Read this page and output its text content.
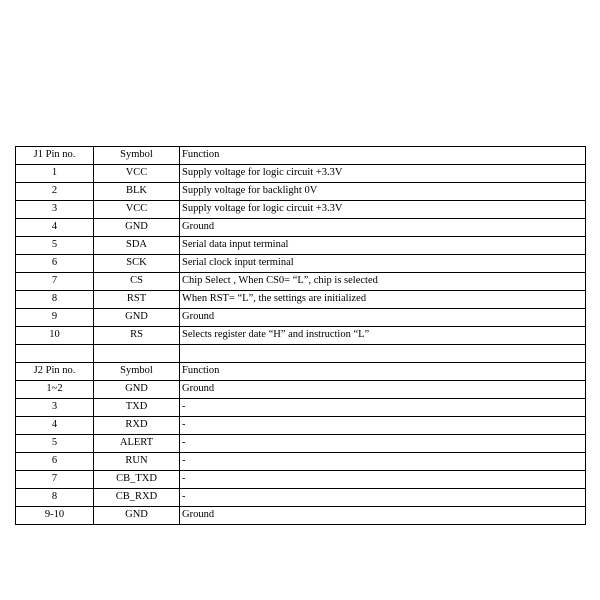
J1 Pin no.	Symbol	Function
1	VCC	Supply voltage for logic circuit +3.3V
2	BLK	Supply voltage for backlight 0V
3	VCC	Supply voltage for logic circuit +3.3V
4	GND	Ground
5	SDA	Serial data input terminal
6	SCK	Serial clock input terminal
7	CS	Chip Select , When CS0= “L”, chip is selected
8	RST	When RST= “L”, the settings are initialized
9	GND	Ground
10	RS	Selects register date “H” and instruction “L”

J2 Pin no.	Symbol	Function
1~2	GND	Ground
3	TXD	-
4	RXD	-
5	ALERT	-
6	RUN	-
7	CB_TXD	-
8	CB_RXD	-
9-10	GND	Ground
